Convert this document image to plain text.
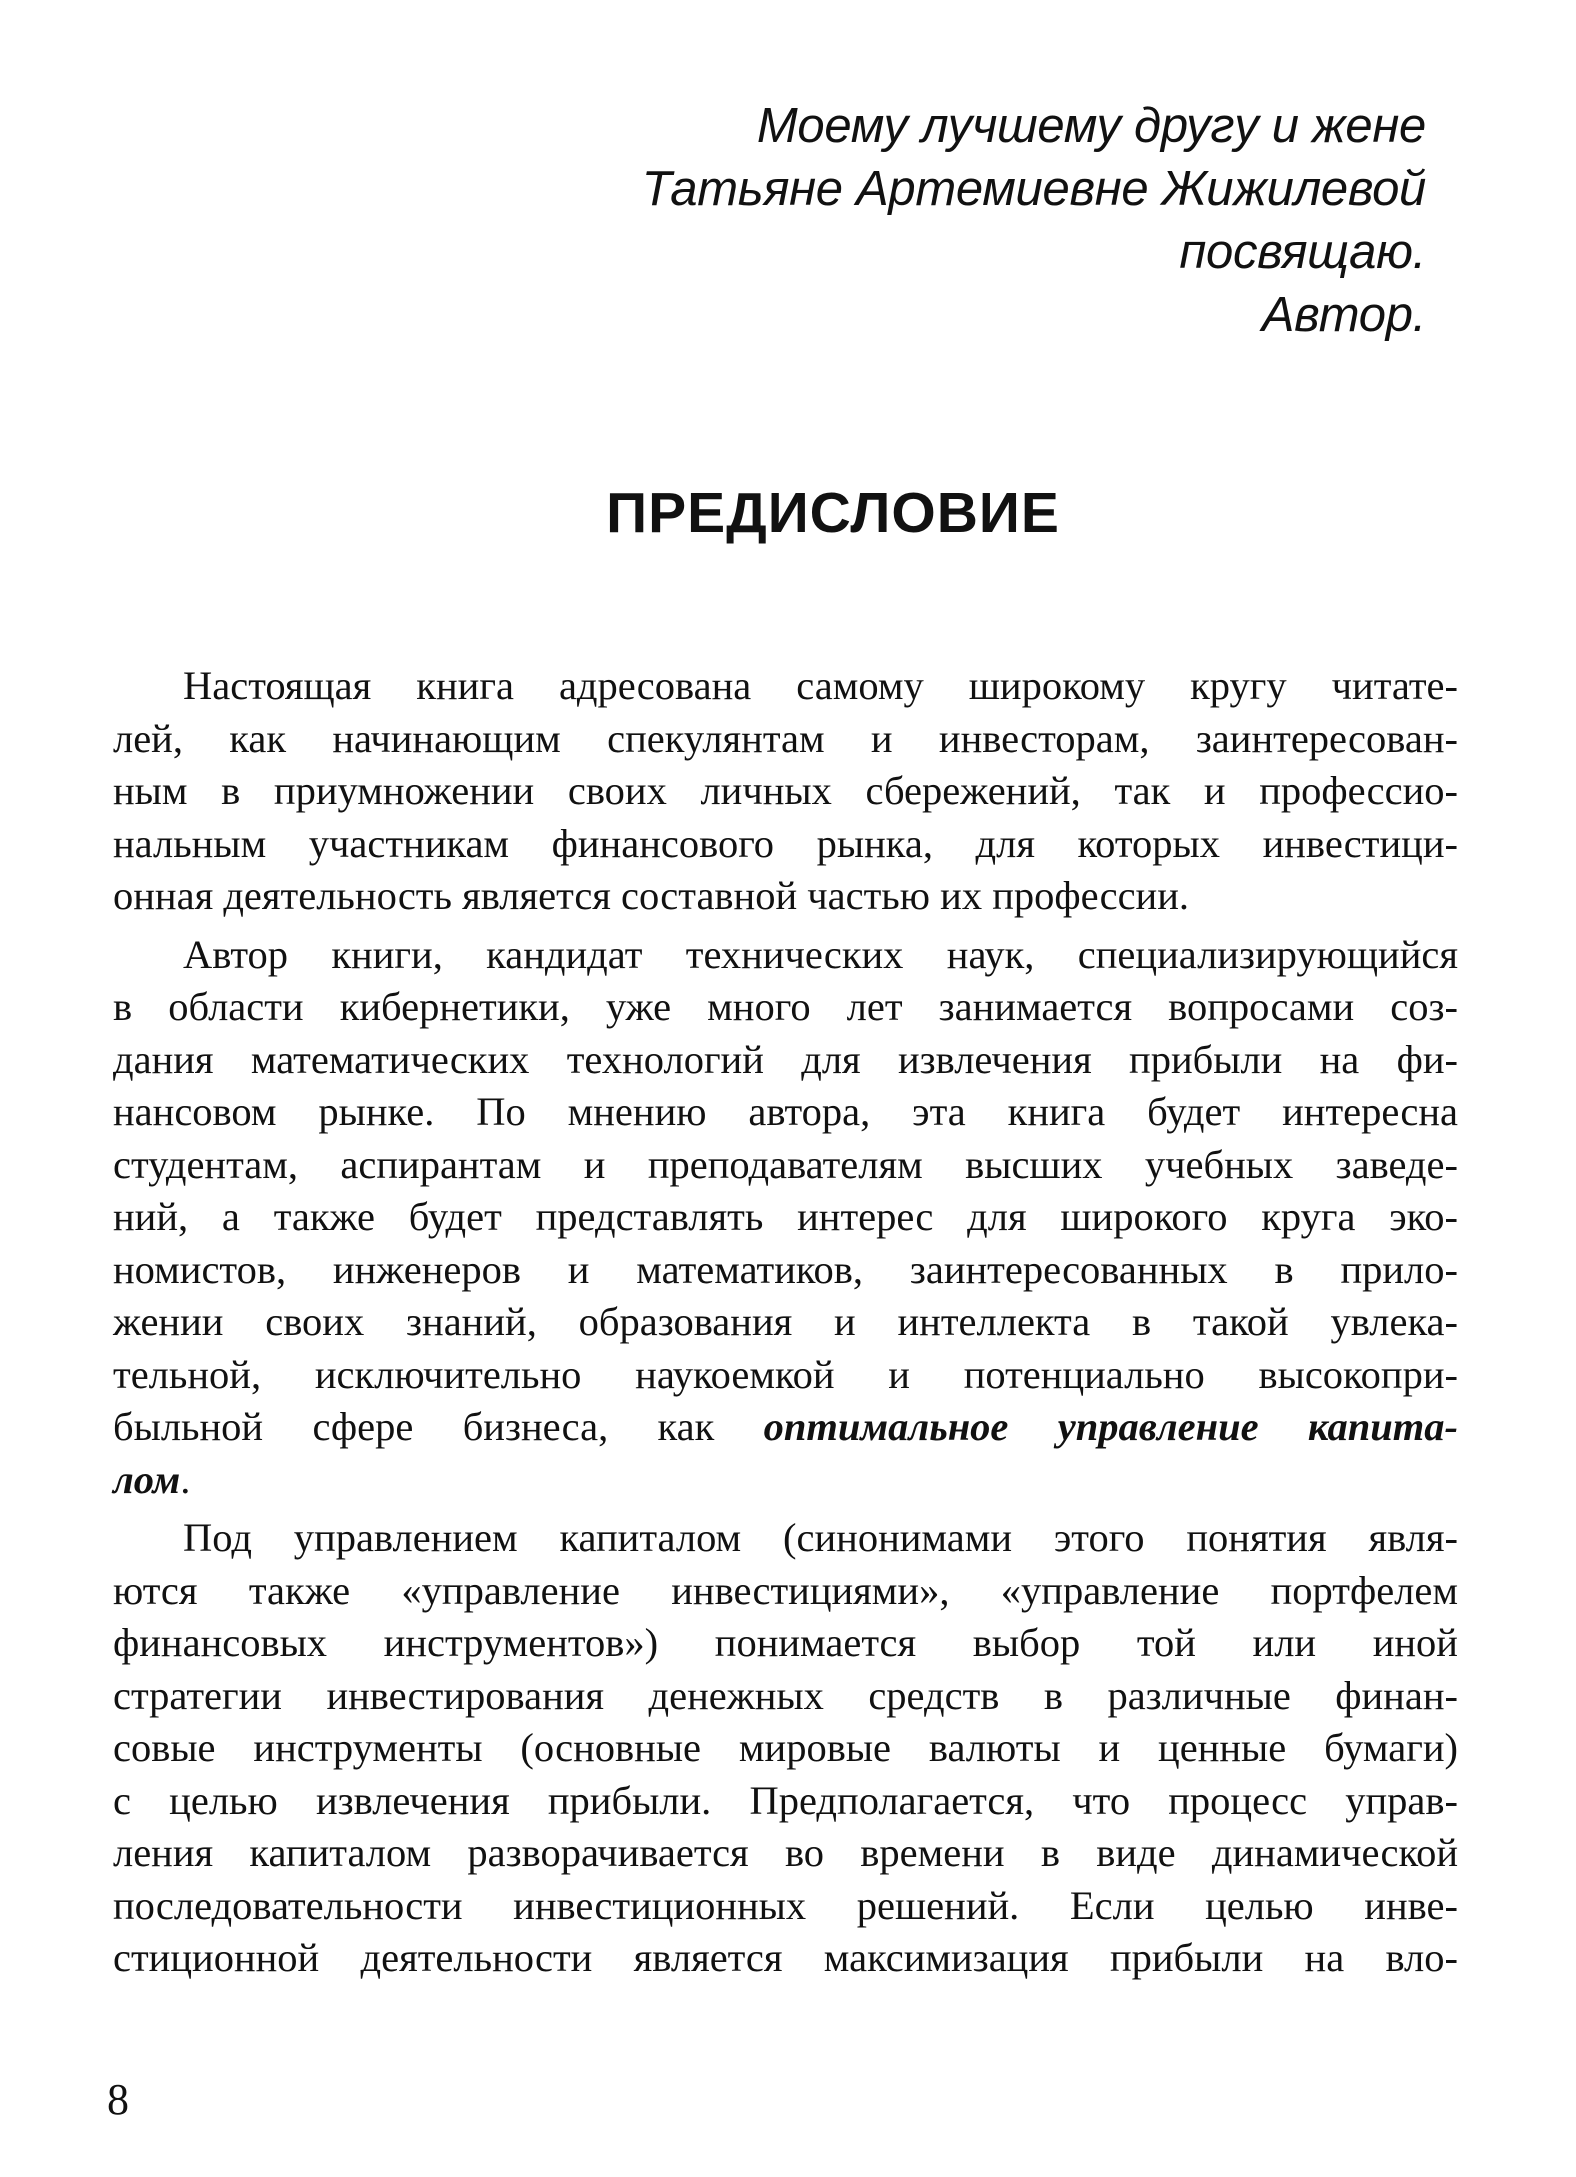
Моему лучшему другу и жене
Татьяне Артемиевне Жижилевой
посвящаю.
Автор.
ПРЕДИСЛОВИЕ
Настоящая книга адресована самому широкому кругу читате-
лей, как начинающим спекулянтам и инвесторам, заинтересован-
ным в приумножении своих личных сбережений, так и профессио-
нальным участникам финансового рынка, для которых инвестици-
онная деятельность является составной частью их профессии.
Автор книги, кандидат технических наук, специализирующийся
в области кибернетики, уже много лет занимается вопросами соз-
дания математических технологий для извлечения прибыли на фи-
нансовом рынке. По мнению автора, эта книга будет интересна
студентам, аспирантам и преподавателям высших учебных заведе-
ний, а также будет представлять интерес для широкого круга эко-
номистов, инженеров и математиков, заинтересованных в прило-
жении своих знаний, образования и интеллекта в такой увлека-
тельной, исключительно наукоемкой и потенциально высокопри-
быльной сфере бизнеса, как оптимальное управление капита-
лом.
Под управлением капиталом (синонимами этого понятия явля-
ются также «управление инвестициями», «управление портфелем
финансовых инструментов») понимается выбор той или иной
стратегии инвестирования денежных средств в различные финан-
совые инструменты (основные мировые валюты и ценные бумаги)
с целью извлечения прибыли. Предполагается, что процесс управ-
ления капиталом разворачивается во времени в виде динамической
последовательности инвестиционных решений. Если целью инве-
стиционной деятельности является максимизация прибыли на вло-
8
